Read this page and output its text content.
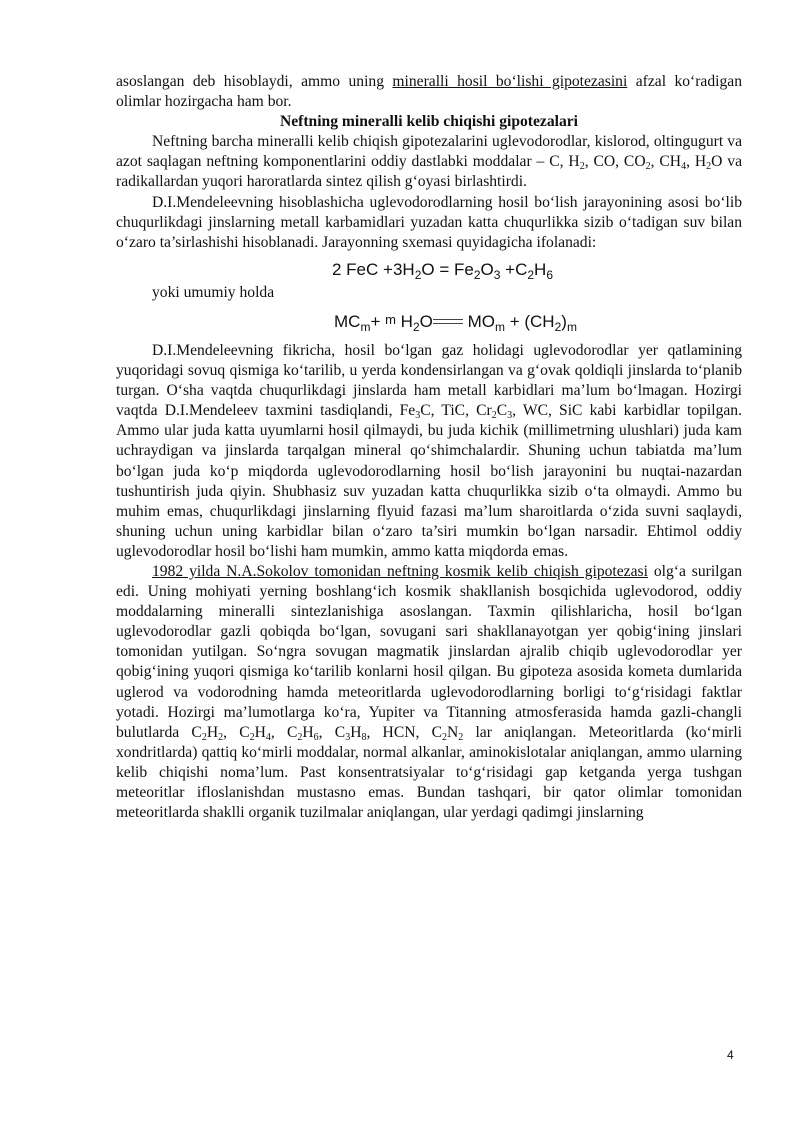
asoslangan deb hisoblaydi, ammo uning mineralli hosil bo‘lishi gipotezasini afzal ko‘radigan olimlar hozirgacha ham bor.

Neftning mineralli kelib chiqishi gipotezalari

Neftning barcha mineralli kelib chiqish gipotezalarini uglevodorodlar, kislorod, oltingugurt va azot saqlagan neftning komponentlarini oddiy dastlabki moddalar – C, $H_2$, CO, $CO_2$, $CH_4$, $H_2O$ va radikallardan yuqori haroratlarda sintez qilish g‘oyasi birlashtirdi.

D.I.Mendeleevning hisoblashicha uglevodorodlarning hosil bo‘lish jarayonining asosi bo‘lib chuqurlikdagi jinslarning metall karbamidlari yuzadan katta chuqurlikka sizib o‘tadigan suv bilan o‘zaro ta’sirlashishi hisoblanadi. Jarayonning sxemasi quyidagicha ifolanadi:

2 FeC $+3H_2O = Fe_2O_3 +C_2H_6$

yoki umumiy holda

$MC_m+ m$ $H_2O$
$MO_m + (CH_2)_m$

D.I.Mendeleevning fikricha, hosil bo‘lgan gaz holidagi uglevodorodlar yer qatlamining yuqoridagi sovuq qismiga ko‘tarilib, u yerda kondensirlangan va g‘ovak qoldiqli jinslarda to‘planib turgan. O‘sha vaqtda chuqurlikdagi jinslarda ham metall karbidlari ma’lum bo‘lmagan. Hozirgi vaqtda D.I.Mendeleev taxmini tasdiqlandi, $Fe_3C$, TiC, $Cr_2C_3$, WC, SiC kabi karbidlar topilgan. Ammo ular juda katta uyumlarni hosil qilmaydi, bu juda kichik (millimetrning ulushlari) juda kam uchraydigan va jinslarda tarqalgan mineral qo‘shimchalardir. Shuning uchun tabiatda ma’lum bo‘lgan juda ko‘p miqdorda uglevodorodlarning hosil bo‘lish jarayonini bu nuqtai-nazardan tushuntirish juda qiyin. Shubhasiz suv yuzadan katta chuqurlikka sizib o‘ta olmaydi. Ammo bu muhim emas, chuqurlikdagi jinslarning flyuid fazasi ma’lum sharoitlarda o‘zida suvni saqlaydi, shuning uchun uning karbidlar bilan o‘zaro ta’siri mumkin bo‘lgan narsadir. Ehtimol oddiy uglevodorodlar hosil bo‘lishi ham mumkin, ammo katta miqdorda emas.

1982 yilda N.A.Sokolov tomonidan neftning kosmik kelib chiqish gipotezasi olg‘a surilgan edi. Uning mohiyati yerning boshlang‘ich kosmik shakllanish bosqichida uglevodorod, oddiy moddalarning mineralli sintezlanishiga asoslangan. Taxmin qilishlaricha, hosil bo‘lgan uglevodorodlar gazli qobiqda bo‘lgan, sovugani sari shakllanayotgan yer qobig‘ining jinslari tomonidan yutilgan. So‘ngra sovugan magmatik jinslardan ajralib chiqib uglevodorodlar yer qobig‘ining yuqori qismiga ko‘tarilib konlarni hosil qilgan. Bu gipoteza asosida kometa dumlarida uglerod va vodorodning hamda meteoritlarda uglevodorodlarning borligi to‘g‘risidagi faktlar yotadi. Hozirgi ma’lumotlarga ko‘ra, Yupiter va Titanning atmosferasida hamda gazli-changli bulutlarda $C_2H_2$, $C_2H_4$, $C_2H_6$, $C_3H_8$, HCN, $C_2N_2$ lar aniqlangan. Meteoritlarda (ko‘mirli xondritlarda) qattiq ko‘mirli moddalar, normal alkanlar, aminokislotalar aniqlangan, ammo ularning kelib chiqishi noma’lum. Past konsentratsiyalar to‘g‘risidagi gap ketganda yerga tushgan meteoritlar ifloslanishdan mustasno emas. Bundan tashqari, bir qator olimlar tomonidan meteoritlarda shaklli organik tuzilmalar aniqlangan, ular yerdagi qadimgi jinslarning

4
